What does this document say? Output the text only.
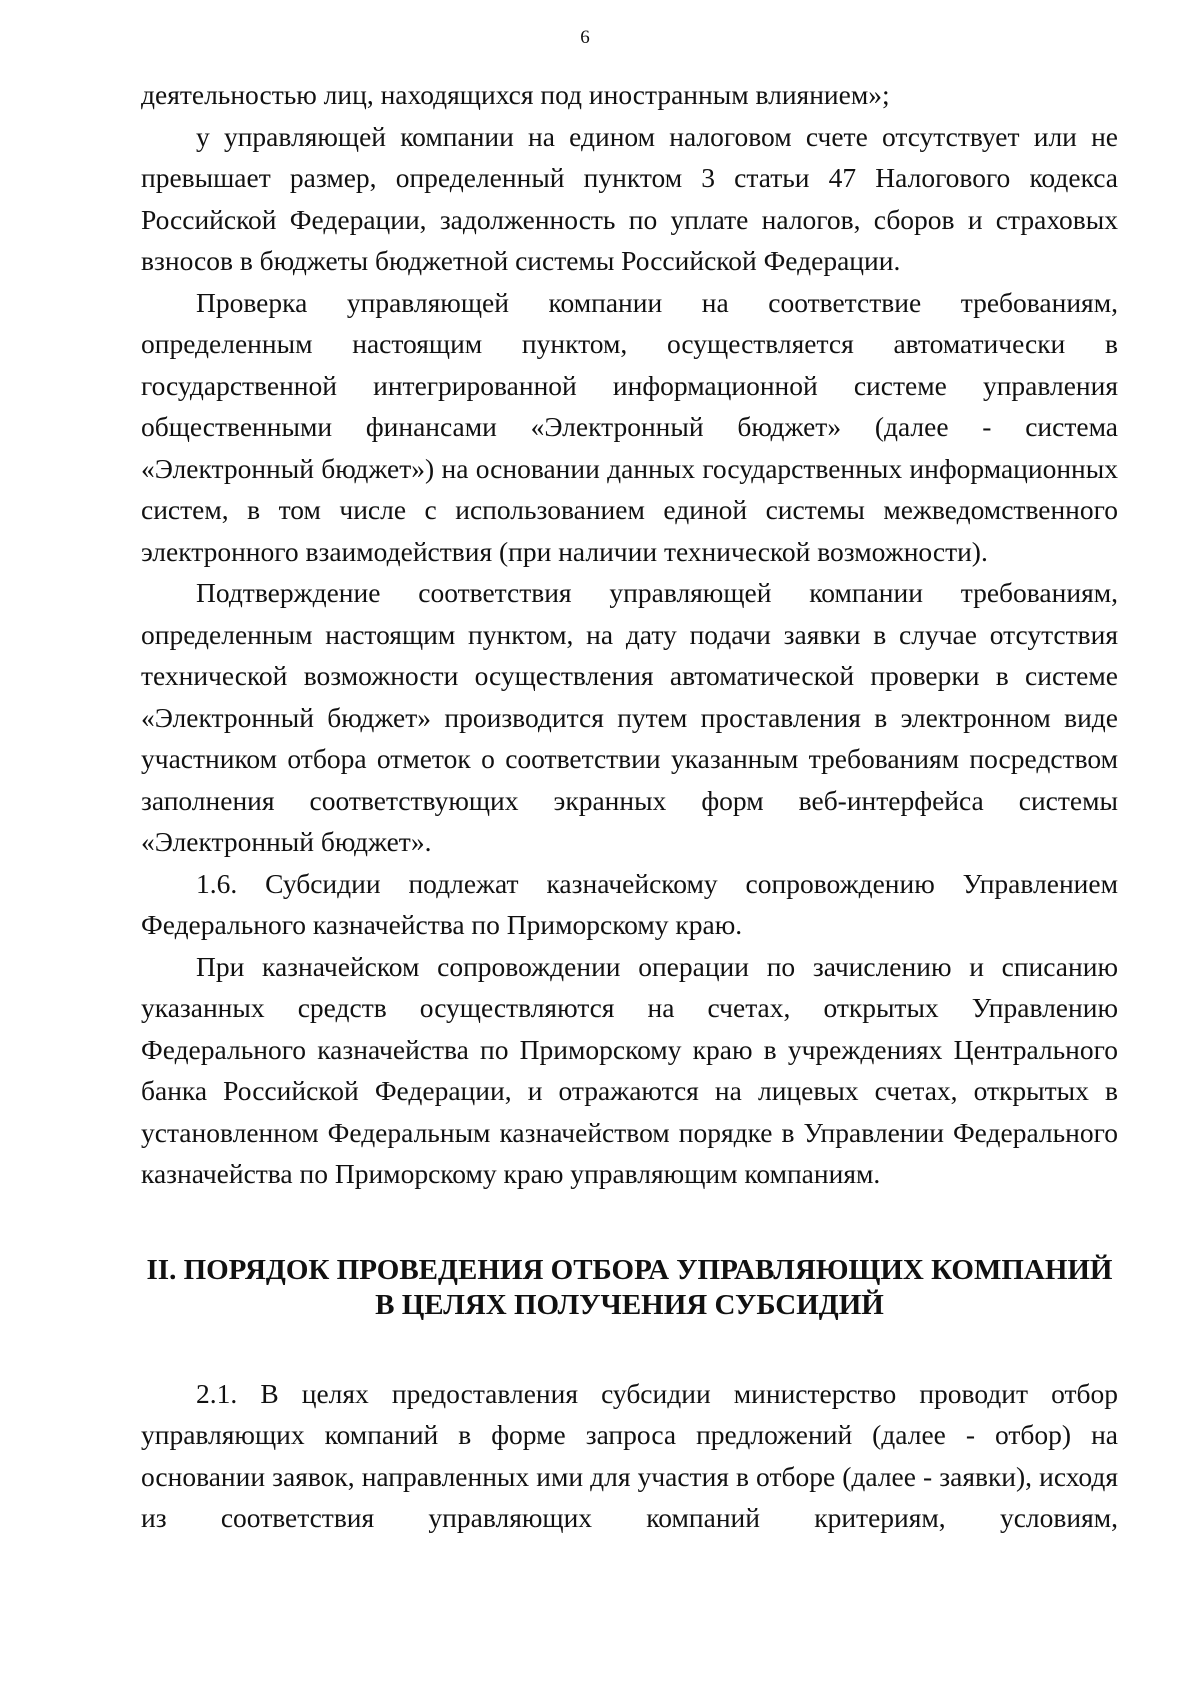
6

деятельностью лиц, находящихся под иностранным влиянием»;

у управляющей компании на едином налоговом счете отсутствует или не превышает размер, определенный пунктом 3 статьи 47 Налогового кодекса Российской Федерации, задолженность по уплате налогов, сборов и страховых взносов в бюджеты бюджетной системы Российской Федерации.

Проверка управляющей компании на соответствие требованиям, определенным настоящим пунктом, осуществляется автоматически в государственной интегрированной информационной системе управления общественными финансами «Электронный бюджет» (далее - система «Электронный бюджет») на основании данных государственных информационных систем, в том числе с использованием единой системы межведомственного электронного взаимодействия (при наличии технической возможности).

Подтверждение соответствия управляющей компании требованиям, определенным настоящим пунктом, на дату подачи заявки в случае отсутствия технической возможности осуществления автоматической проверки в системе «Электронный бюджет» производится путем проставления в электронном виде участником отбора отметок о соответствии указанным требованиям посредством заполнения соответствующих экранных форм веб-интерфейса системы «Электронный бюджет».

1.6. Субсидии подлежат казначейскому сопровождению Управлением Федерального казначейства по Приморскому краю.

При казначейском сопровождении операции по зачислению и списанию указанных средств осуществляются на счетах, открытых Управлению Федерального казначейства по Приморскому краю в учреждениях Центрального банка Российской Федерации, и отражаются на лицевых счетах, открытых в установленном Федеральным казначейством порядке в Управлении Федерального казначейства по Приморскому краю управляющим компаниям.

II. ПОРЯДОК ПРОВЕДЕНИЯ ОТБОРА УПРАВЛЯЮЩИХ КОМПАНИЙ
В ЦЕЛЯХ ПОЛУЧЕНИЯ СУБСИДИЙ

2.1. В целях предоставления субсидии министерство проводит отбор управляющих компаний в форме запроса предложений (далее - отбор) на основании заявок, направленных ими для участия в отборе (далее - заявки), исходя из соответствия управляющих компаний критериям, условиям,
